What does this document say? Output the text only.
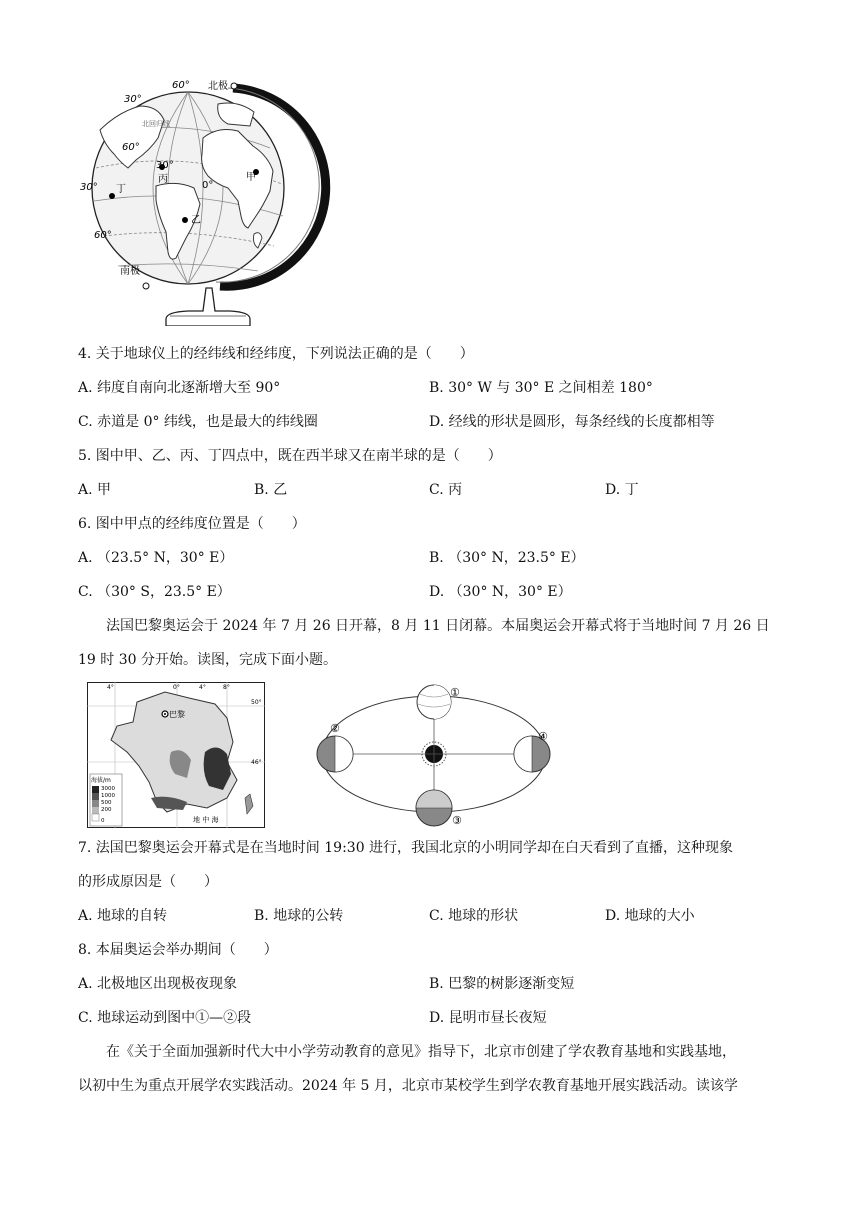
北极
南极
60°
30°
60°
30°
60°
30°
0°
北回归线
甲
乙
丙
丁
4. 关于地球仪上的经纬线和经纬度，下列说法正确的是（　　）
A. 纬度自南向北逐渐增大至 90°	B. 30° W 与 30° E 之间相差 180°
C. 赤道是 0° 纬线，也是最大的纬线圈	D. 经线的形状是圆形，每条经线的长度都相等
5. 图中甲、乙、丙、丁四点中，既在西半球又在南半球的是（　　）
A. 甲	B. 乙	C. 丙	D. 丁
6. 图中甲点的经纬度位置是（　　）
A. （23.5° N，30° E）	B. （30° N，23.5° E）
C. （30° S，23.5° E）	D. （30° N，30° E）
法国巴黎奥运会于 2024 年 7 月 26 日开幕，8 月 11 日闭幕。本届奥运会开幕式将于当地时间 7 月 26 日
19 时 30 分开始。读图，完成下面小题。
巴黎
地 中 海
4°	0°	4°	8°
50°
46°
海拔/m
3000
1000
500
200
0
①
②
③
④
7. 法国巴黎奥运会开幕式是在当地时间 19:30 进行，我国北京的小明同学却在白天看到了直播，这种现象
的形成原因是（　　）
A. 地球的自转	B. 地球的公转	C. 地球的形状	D. 地球的大小
8. 本届奥运会举办期间（　　）
A. 北极地区出现极夜现象	B. 巴黎的树影逐渐变短
C. 地球运动到图中①—②段	D. 昆明市昼长夜短
在《关于全面加强新时代大中小学劳动教育的意见》指导下，北京市创建了学农教育基地和实践基地，
以初中生为重点开展学农实践活动。2024 年 5 月，北京市某校学生到学农教育基地开展实践活动。读该学
